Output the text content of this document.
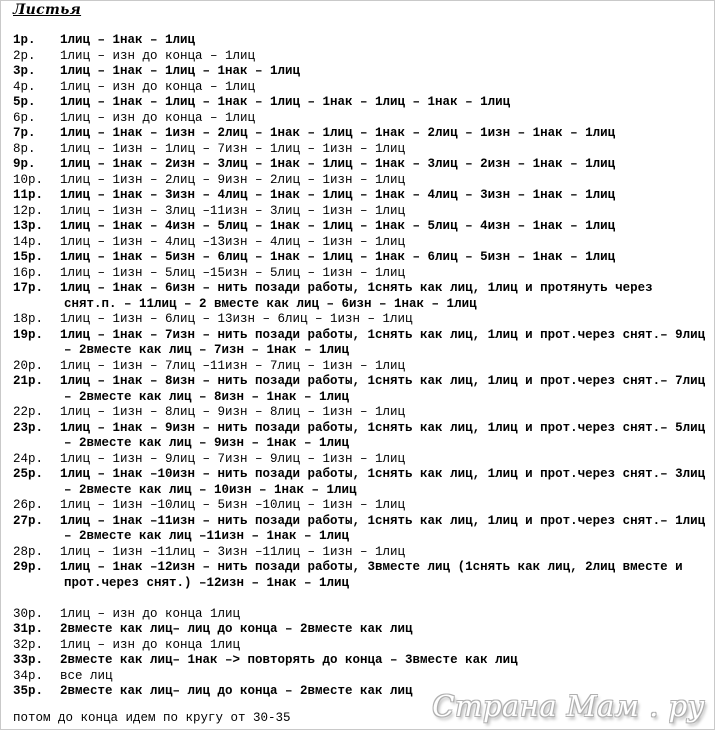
Листья
1р.	1лиц – 1нак – 1лиц
2р.	1лиц – изн до конца – 1лиц
3р.	1лиц – 1нак – 1лиц – 1нак – 1лиц
4р.	1лиц – изн до конца – 1лиц
5р.	1лиц – 1нак – 1лиц – 1нак – 1лиц – 1нак – 1лиц – 1нак – 1лиц
6р.	1лиц – изн до конца – 1лиц
7р.	1лиц – 1нак – 1изн – 2лиц – 1нак – 1лиц – 1нак – 2лиц – 1изн – 1нак – 1лиц
8р.	1лиц – 1изн – 1лиц – 7изн – 1лиц – 1изн – 1лиц
9р.	1лиц – 1нак – 2изн – 3лиц – 1нак – 1лиц – 1нак – 3лиц – 2изн – 1нак – 1лиц
10р.	1лиц – 1изн – 2лиц – 9изн – 2лиц – 1изн – 1лиц
11р.	1лиц – 1нак – 3изн – 4лиц – 1нак – 1лиц – 1нак – 4лиц – 3изн – 1нак – 1лиц
12р.	1лиц – 1изн – 3лиц –11изн – 3лиц – 1изн – 1лиц
13р.	1лиц – 1нак – 4изн – 5лиц – 1нак – 1лиц – 1нак – 5лиц – 4изн – 1нак – 1лиц
14р.	1лиц – 1изн – 4лиц –13изн – 4лиц – 1изн – 1лиц
15р.	1лиц – 1нак – 5изн – 6лиц – 1нак – 1лиц – 1нак – 6лиц – 5изн – 1нак – 1лиц
16р.	1лиц – 1изн – 5лиц –15изн – 5лиц – 1изн – 1лиц
17р.	1лиц – 1нак – 6изн – нить позади работы, 1снять как лиц, 1лиц и протянуть через снят.п. – 11лиц – 2 вместе как лиц – 6изн – 1нак – 1лиц
18р.	1лиц – 1изн – 6лиц – 13изн – 6лиц – 1изн – 1лиц
19р.	1лиц – 1нак – 7изн – нить позади работы, 1снять как лиц, 1лиц и прот.через снят.– 9лиц – 2вместе как лиц – 7изн – 1нак – 1лиц
20р.	1лиц – 1изн – 7лиц –11изн – 7лиц – 1изн – 1лиц
21р.	1лиц – 1нак – 8изн – нить позади работы, 1снять как лиц, 1лиц и прот.через снят.– 7лиц – 2вместе как лиц – 8изн – 1нак – 1лиц
22р.	1лиц – 1изн – 8лиц – 9изн – 8лиц – 1изн – 1лиц
23р.	1лиц – 1нак – 9изн – нить позади работы, 1снять как лиц, 1лиц и прот.через снят.– 5лиц – 2вместе как лиц – 9изн – 1нак – 1лиц
24р.	1лиц – 1изн – 9лиц – 7изн – 9лиц – 1изн – 1лиц
25р.	1лиц – 1нак –10изн – нить позади работы, 1снять как лиц, 1лиц и прот.через снят.– 3лиц – 2вместе как лиц – 10изн – 1нак – 1лиц
26р.	1лиц – 1изн –10лиц – 5изн –10лиц – 1изн – 1лиц
27р.	1лиц – 1нак –11изн – нить позади работы, 1снять как лиц, 1лиц и прот.через снят.– 1лиц – 2вместе как лиц –11изн – 1нак – 1лиц
28р.	1лиц – 1изн –11лиц – 3изн –11лиц – 1изн – 1лиц
29р.	1лиц – 1нак –12изн – нить позади работы, 3вместе лиц (1снять как лиц, 2лиц вместе и прот.через снят.) –12изн – 1нак – 1лиц
30р.	1лиц – изн до конца 1лиц
31р.	2вместе как лиц– лиц до конца – 2вместе как лиц
32р.	1лиц – изн до конца 1лиц
33р.	2вместе как лиц– 1нак –> повторять до конца – 3вместе как лиц
34р.	все лиц
35р.	2вместе как лиц– лиц до конца – 2вместе как лиц
потом до конца идем по кругу от 30-35	Страна Мам . ру
